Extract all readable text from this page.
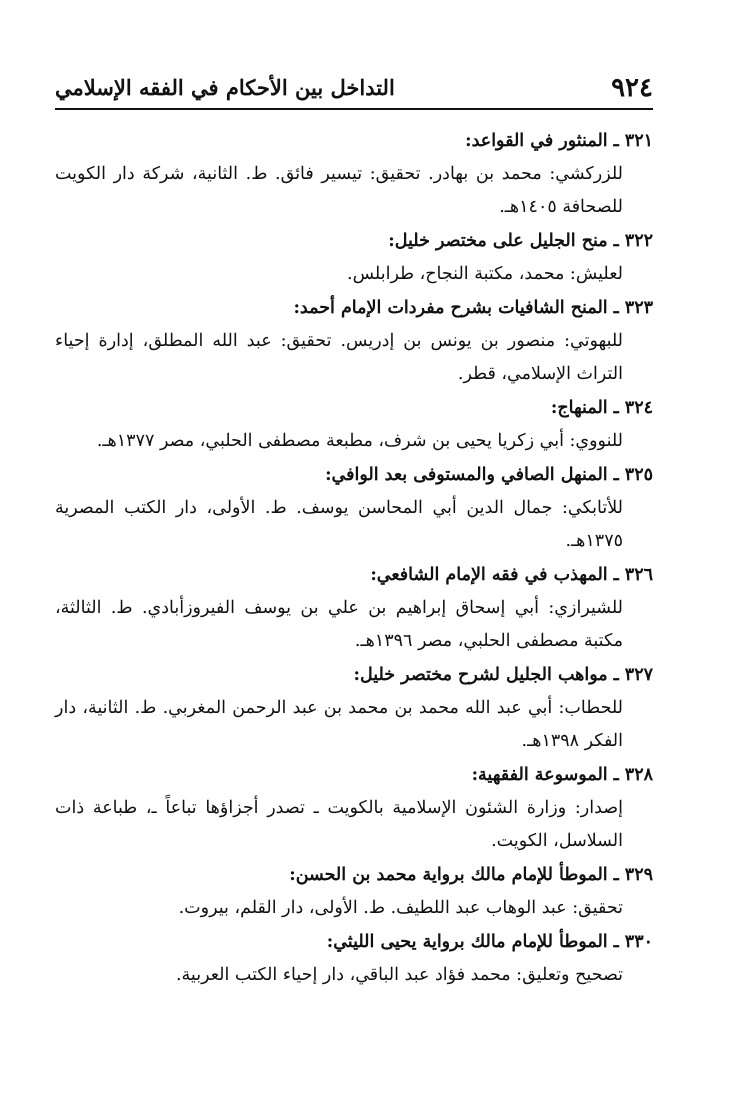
٩٢٤
التداخل بين الأحكام في الفقه الإسلامي
٣٢١ـالمنثور في القواعد:
للزركشي: محمد بن بهادر. تحقيق: تيسير فائق. ط. الثانية، شركة دار الكويت للصحافة ١٤٠٥هـ.
٣٢٢ـمنح الجليل على مختصر خليل:
لعليش: محمد، مكتبة النجاح، طرابلس.
٣٢٣ـالمنح الشافيات بشرح مفردات الإمام أحمد:
للبهوتي: منصور بن يونس بن إدريس. تحقيق: عبد الله المطلق، إدارة إحياء التراث الإسلامي، قطر.
٣٢٤ـالمنهاج:
للنووي: أبي زكريا يحيى بن شرف، مطبعة مصطفى الحلبي، مصر ١٣٧٧هـ.
٣٢٥ـالمنهل الصافي والمستوفى بعد الوافي:
للأتابكي: جمال الدين أبي المحاسن يوسف. ط. الأولى، دار الكتب المصرية ١٣٧٥هـ.
٣٢٦ـالمهذب في فقه الإمام الشافعي:
للشيرازي: أبي إسحاق إبراهيم بن علي بن يوسف الفيروزأبادي. ط. الثالثة، مكتبة مصطفى الحلبي، مصر ١٣٩٦هـ.
٣٢٧ـمواهب الجليل لشرح مختصر خليل:
للحطاب: أبي عبد الله محمد بن محمد بن عبد الرحمن المغربي. ط. الثانية، دار الفكر ١٣٩٨هـ.
٣٢٨ـالموسوعة الفقهية:
إصدار: وزارة الشئون الإسلامية بالكويت ـ تصدر أجزاؤها تباعاً ـ، طباعة ذات السلاسل، الكويت.
٣٢٩ـالموطأ للإمام مالك برواية محمد بن الحسن:
تحقيق: عبد الوهاب عبد اللطيف. ط. الأولى، دار القلم، بيروت.
٣٣٠ـالموطأ للإمام مالك برواية يحيى الليثي:
تصحيح وتعليق: محمد فؤاد عبد الباقي، دار إحياء الكتب العربية.
